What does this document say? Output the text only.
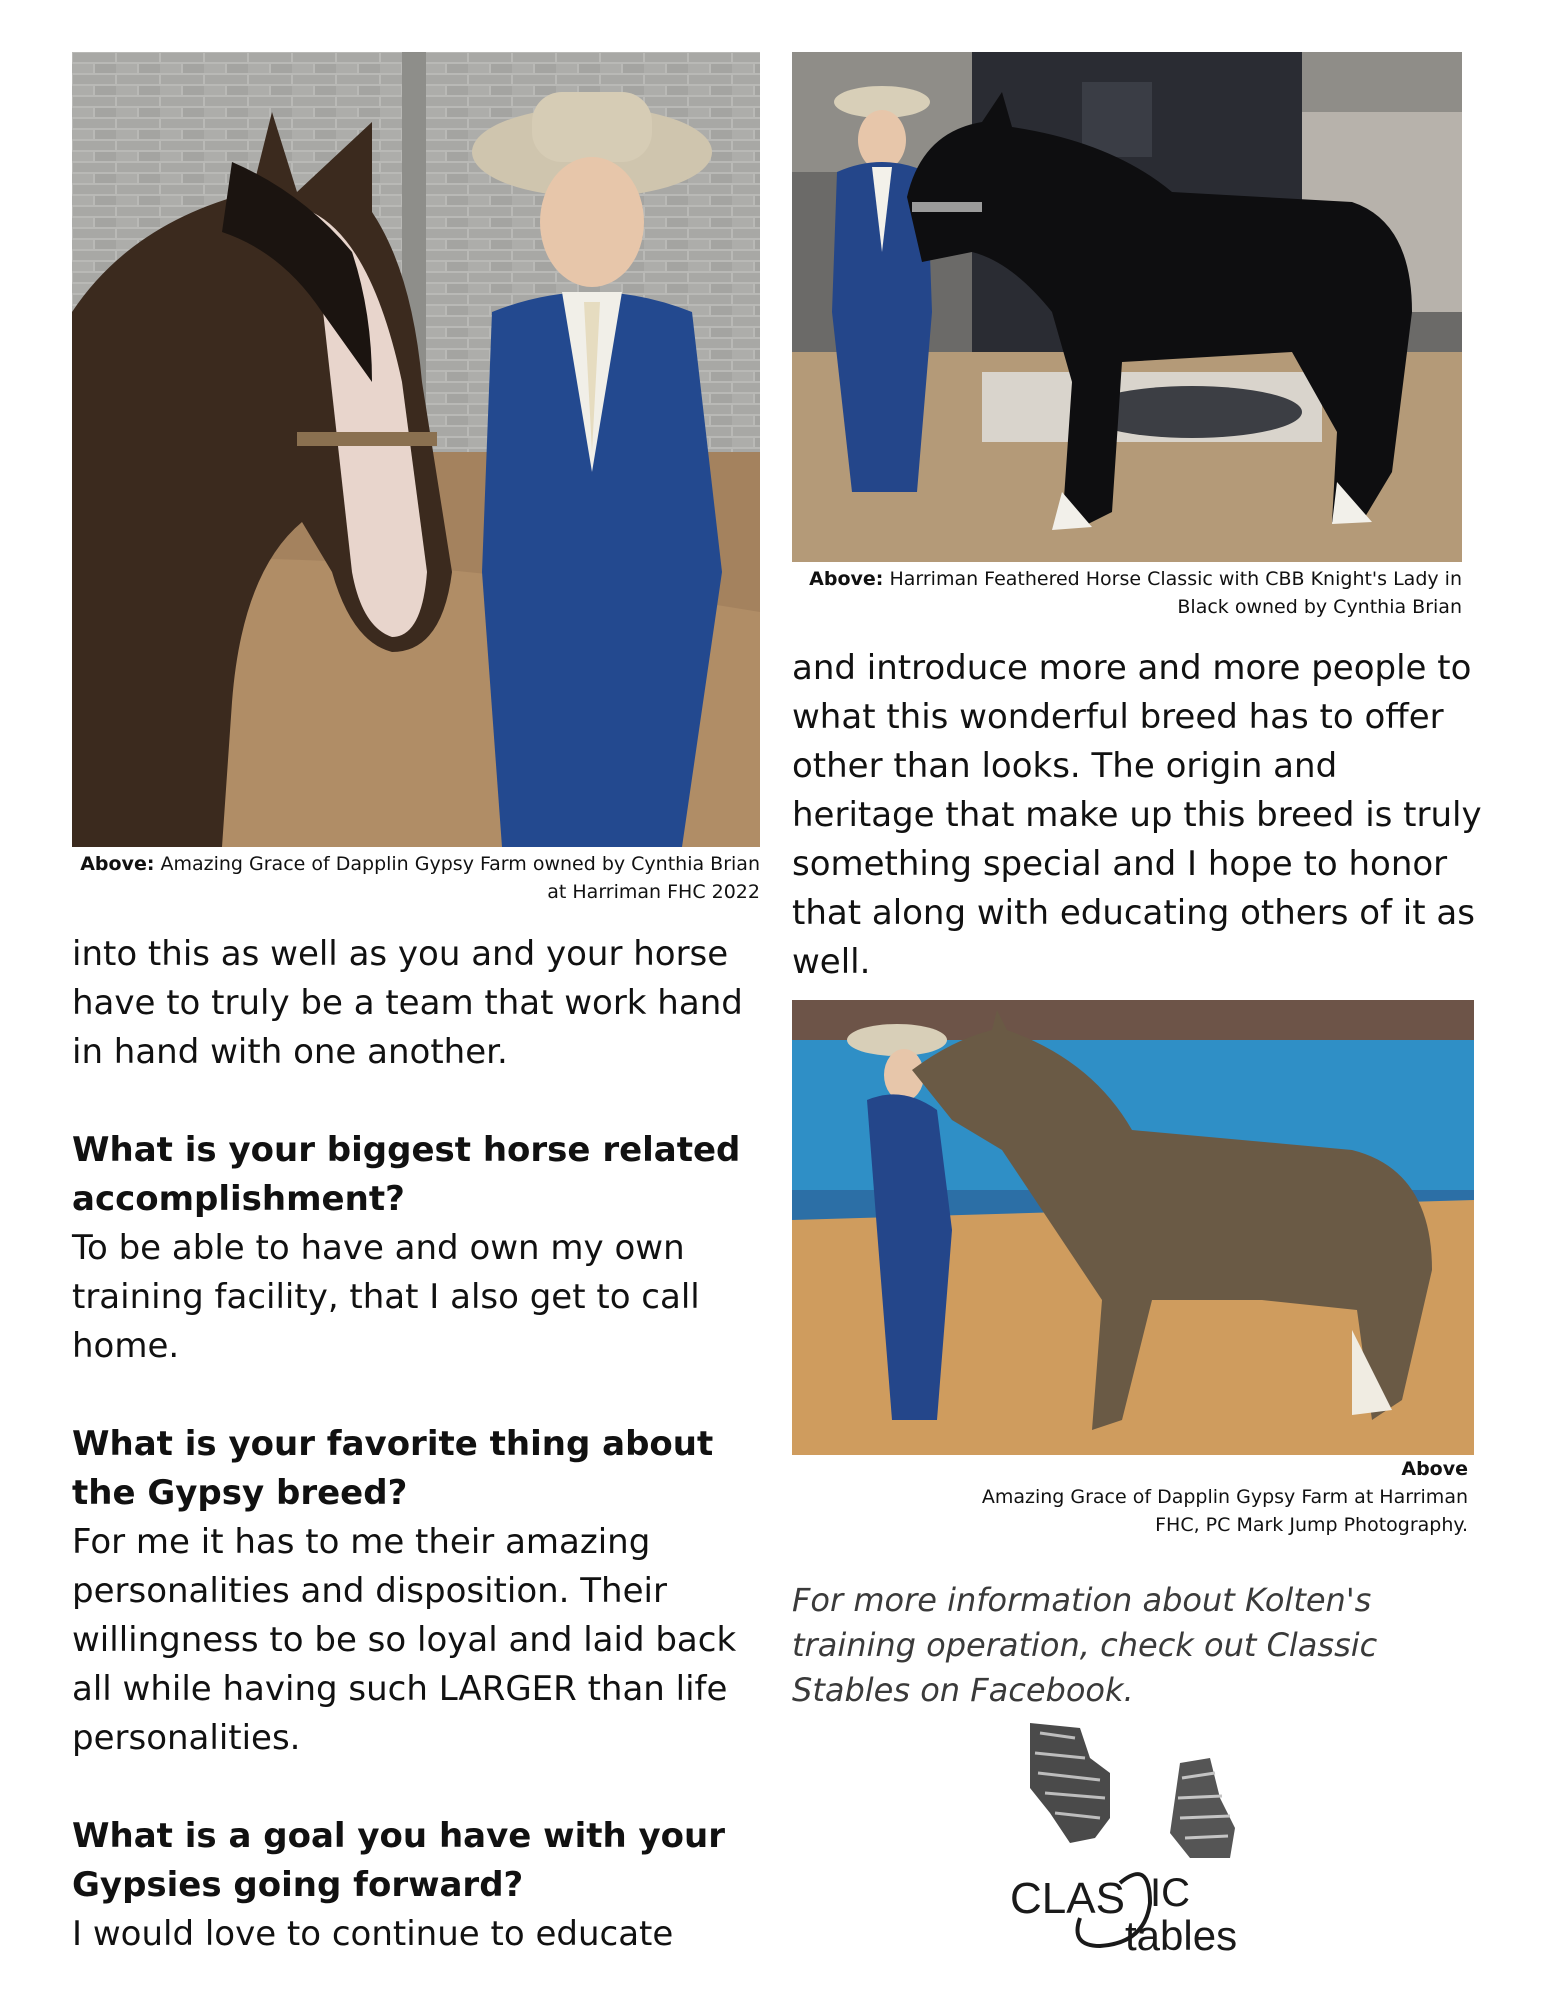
Above: Amazing Grace of Dapplin Gypsy Farm owned by Cynthia Brian at Harriman FHC 2022
Above: Harriman Feathered Horse Classic with CBB Knight's Lady in Black owned by Cynthia Brian
into this as well as you and your horse have to truly be a team that work hand in hand with one another.
What is your biggest horse related accomplishment?
To be able to have and own my own training facility, that I also get to call home.
What is your favorite thing about the Gypsy breed?
For me it has to me their amazing personalities and disposition. Their willingness to be so loyal and laid back all while having such LARGER than life personalities.
What is a goal you have with your Gypsies going forward?
I would love to continue to educate
and introduce more and more people to what this wonderful breed has to offer other than looks. The origin and heritage that make up this breed is truly something special and I hope to honor that along with educating others of it as well.
Above
Amazing Grace of Dapplin Gypsy Farm at Harriman
FHC, PC Mark Jump Photography.
For more information about Kolten's training operation, check out Classic Stables on Facebook.
CLAS IC
tables
